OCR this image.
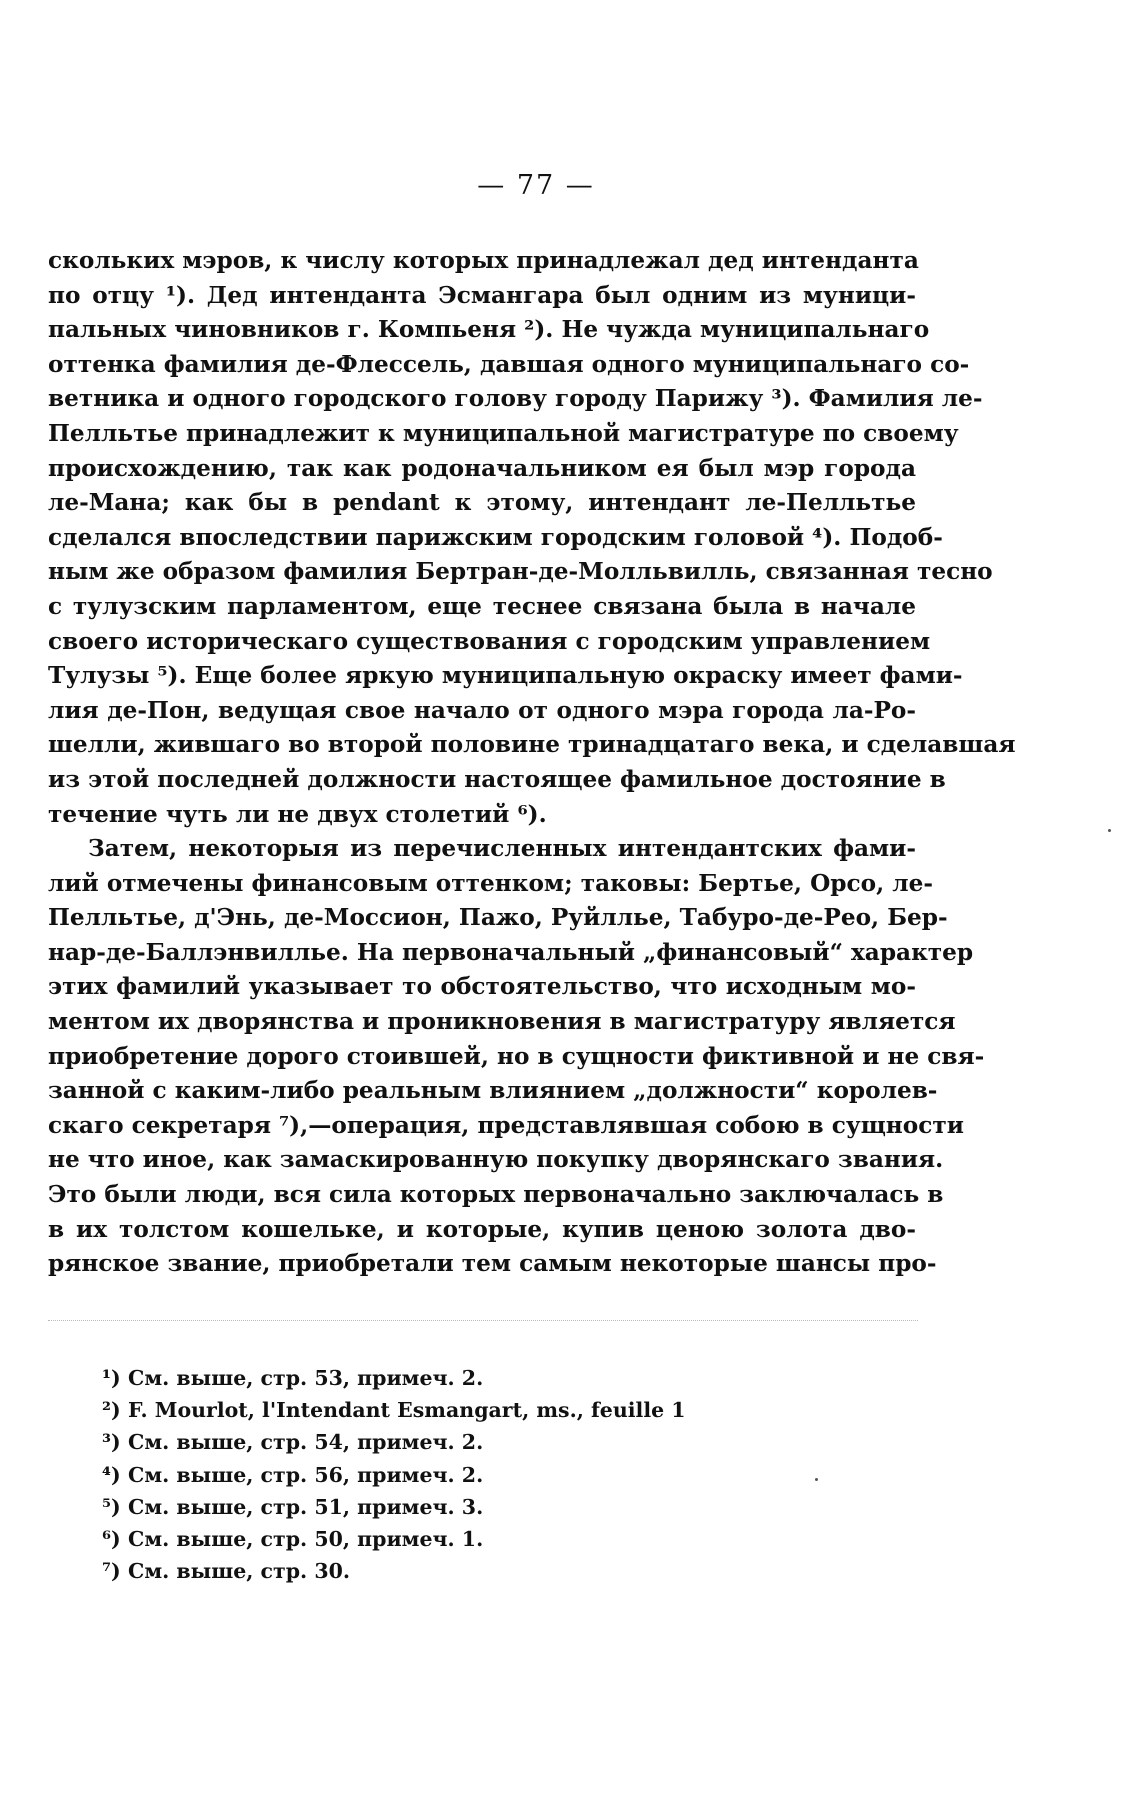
— 77 —
скольких мэров, к числу которых принадлежал дед интенданта
по отцу ¹). Дед интенданта Эсмангара был одним из муници-
пальных чиновников г. Компьеня ²). Не чужда муниципальнаго
оттенка фамилия де-Флессель, давшая одного муниципальнаго со-
ветника и одного городского голову городу Парижу ³). Фамилия ле-
Пелльтье принадлежит к муниципальной магистратуре по своему
происхождению, так как родоначальником ея был мэр города
ле-Мана; как бы в pendant к этому, интендант ле-Пелльтье
сделался впоследствии парижским городским головой ⁴). Подоб-
ным же образом фамилия Бертран-де-Молльвилль, связанная тесно
с тулузским парламентом, еще теснее связана была в начале
своего историческаго существования с городским управлением
Тулузы ⁵). Еще более яркую муниципальную окраску имеет фами-
лия де-Пон, ведущая свое начало от одного мэра города ла-Ро-
шелли, жившаго во второй половине тринадцатаго века, и сделавшая
из этой последней должности настоящее фамильное достояние в
течение чуть ли не двух столетий ⁶).
Затем, некоторыя из перечисленных интендантских фами-
лий отмечены финансовым оттенком; таковы: Бертье, Орсо, ле-
Пелльтье, д'Энь, де-Моссион, Пажо, Руйлльe, Табуро-де-Рео, Бер-
нар-де-Баллэнвилльe. На первоначальный „финансовый“ характер
этих фамилий указывает то обстоятельство, что исходным мо-
ментом их дворянства и проникновения в магистратуру является
приобретение дорого стоившей, но в сущности фиктивной и не свя-
занной с каким-либо реальным влиянием „должности“ королев-
скаго секретаря ⁷),—операция, представлявшая собою в сущности
не что иное, как замаскированную покупку дворянскаго звания.
Это были люди, вся сила которых первоначально заключалась в
в их толстом кошельке, и которые, купив ценою золота дво-
рянское звание, приобретали тем самым некоторые шансы про-
¹) См. выше, стр. 53, примеч. 2.
²) F. Mourlot, l'Intendant Esmangart, ms., feuille 1
³) См. выше, стр. 54, примеч. 2.
⁴) См. выше, стр. 56, примеч. 2.
⁵) См. выше, стр. 51, примеч. 3.
⁶) См. выше, стр. 50, примеч. 1.
⁷) См. выше, стр. 30.
